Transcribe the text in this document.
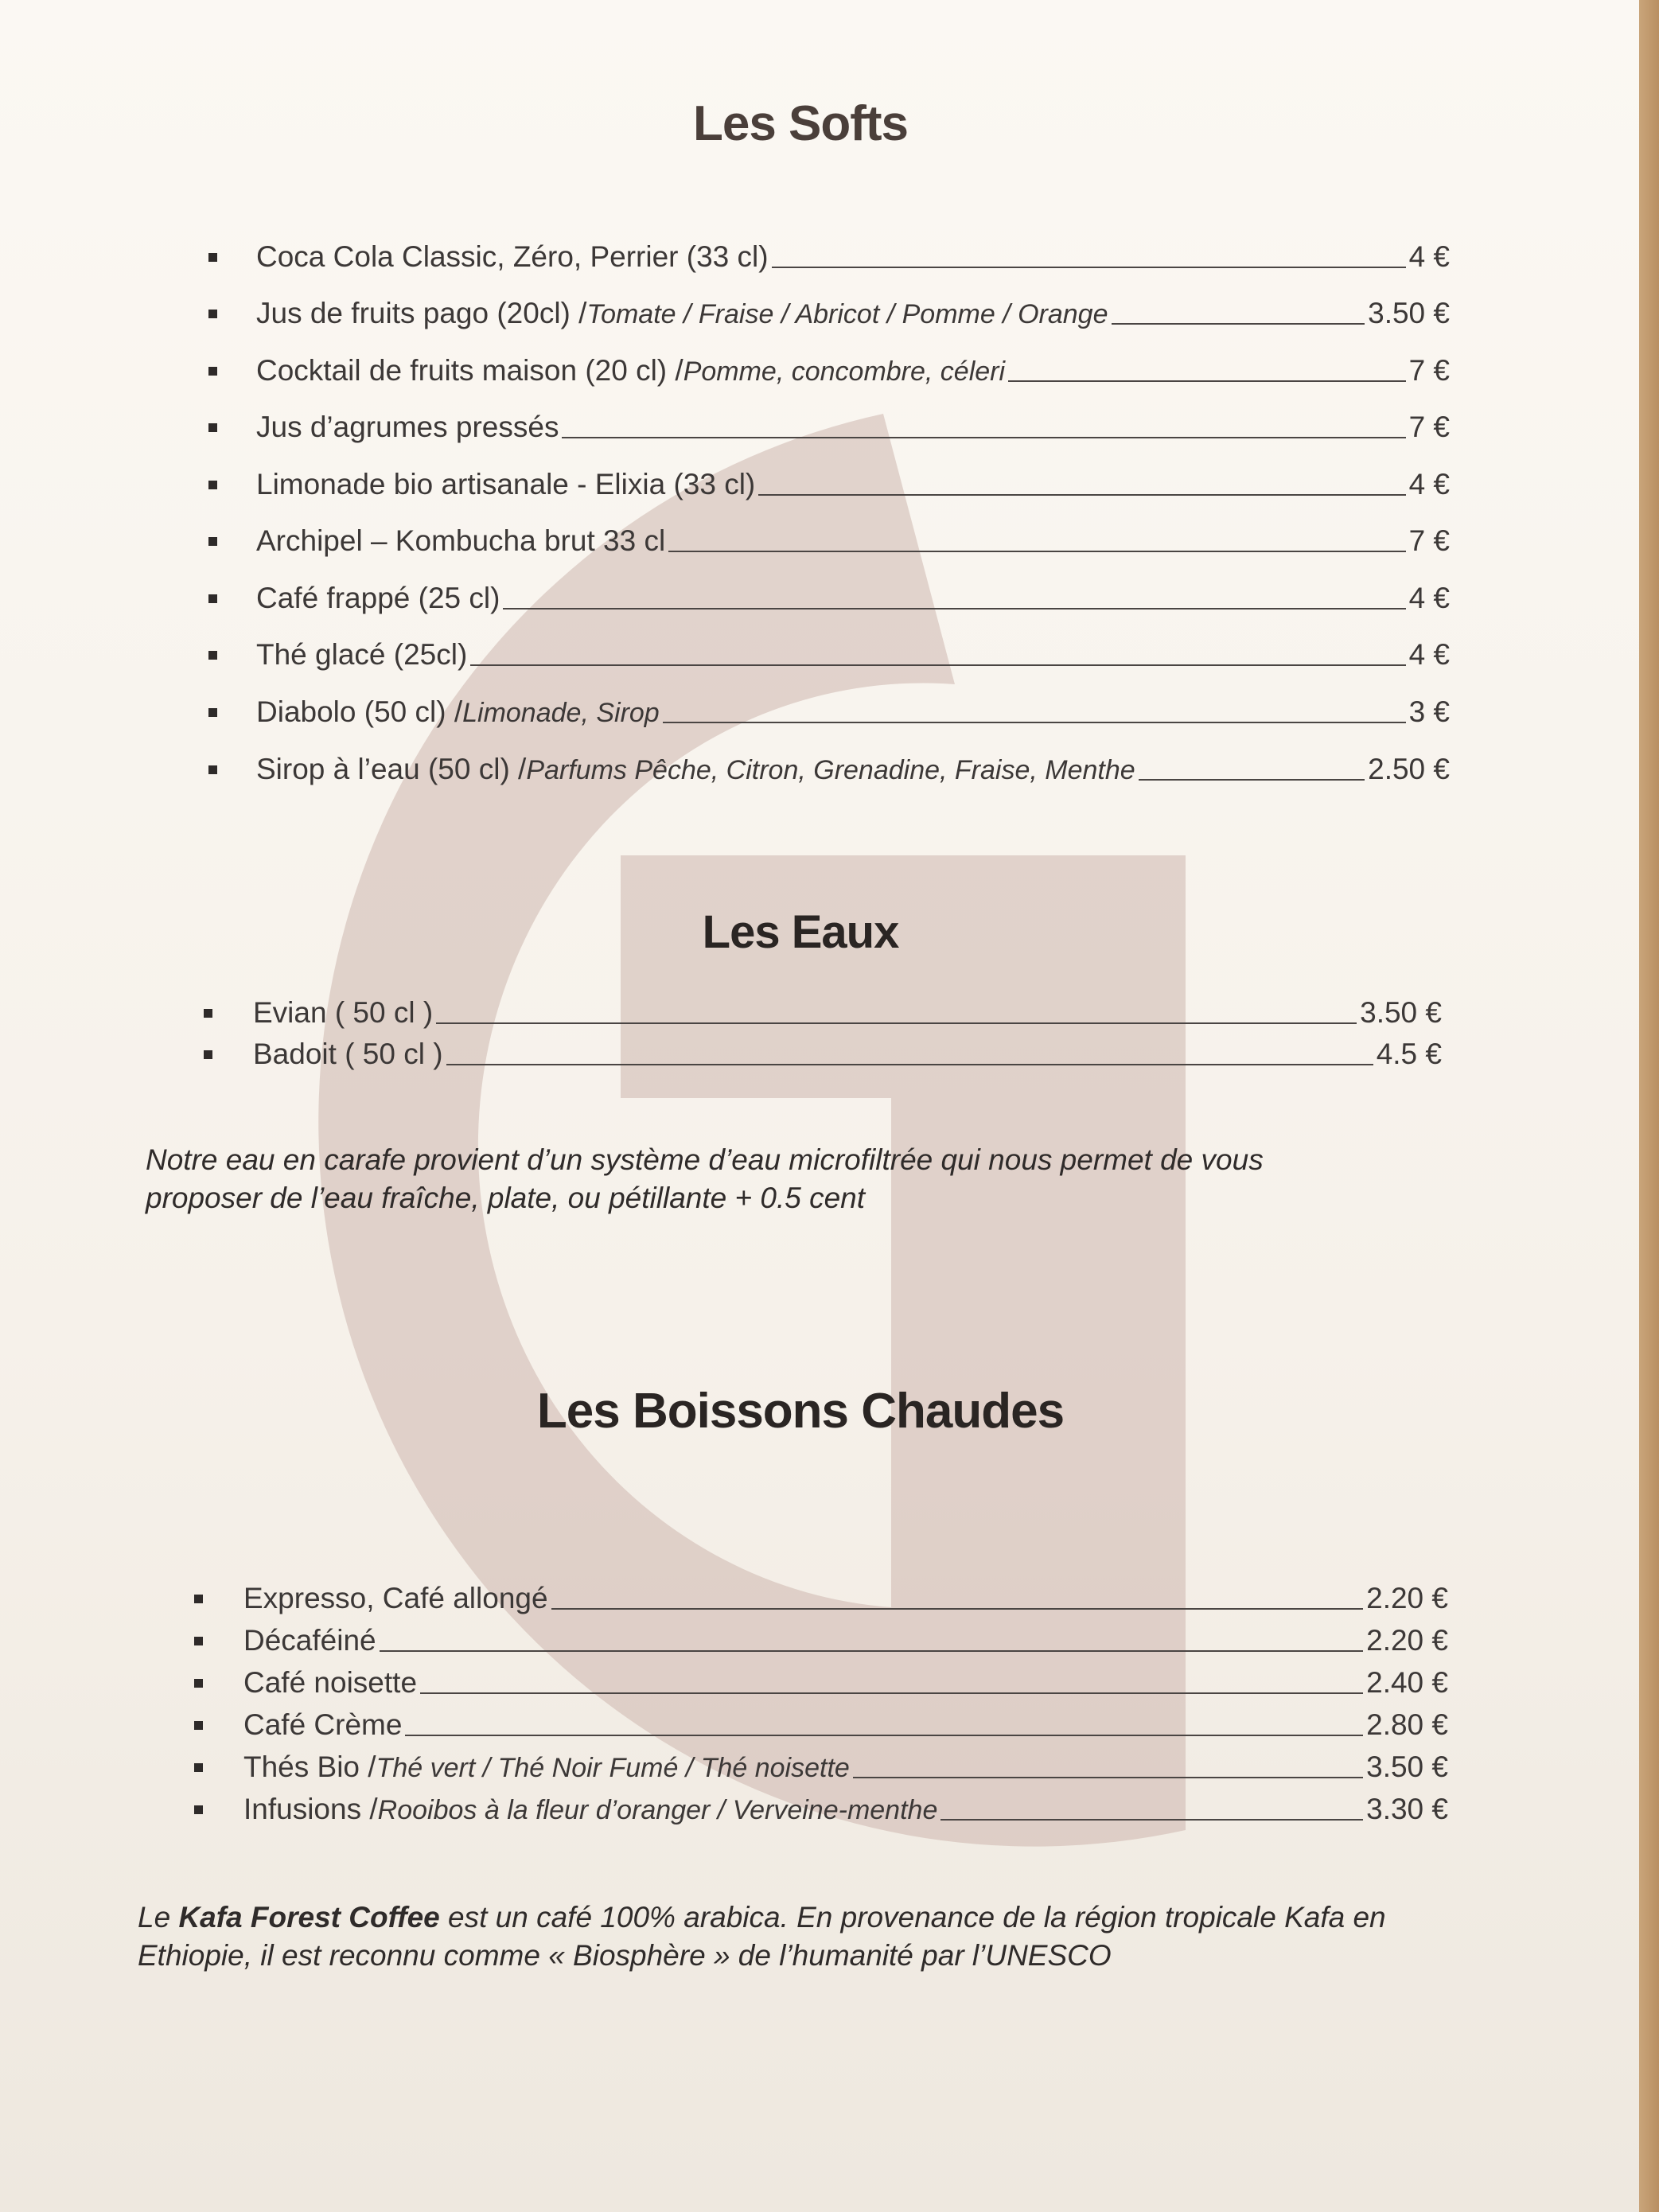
Les Softs
Coca Cola Classic, Zéro, Perrier (33 cl)	4 €
Jus de fruits pago (20cl) / Tomate / Fraise / Abricot / Pomme / Orange	3.50 €
Cocktail de fruits maison (20 cl) / Pomme, concombre, céleri	7 €
Jus d’agrumes pressés	7 €
Limonade bio artisanale - Elixia (33 cl)	4 €
Archipel – Kombucha brut 33 cl	7 €
Café frappé (25 cl)	4 €
Thé glacé (25cl)	4 €
Diabolo (50 cl) / Limonade, Sirop	3 €
Sirop à l’eau (50 cl) / Parfums Pêche, Citron, Grenadine, Fraise, Menthe	2.50 €
Les Eaux
Evian ( 50 cl )	3.50 €
Badoit ( 50 cl )	4.5 €
Notre eau en carafe provient d’un système d’eau microfiltrée qui nous permet de vous
proposer de l’eau fraîche, plate, ou pétillante + 0.5 cent
Les Boissons Chaudes
Expresso, Café allongé	2.20 €
Décaféiné	2.20 €
Café noisette	2.40 €
Café Crème	2.80 €
Thés Bio / Thé vert / Thé Noir Fumé / Thé noisette	3.50 €
Infusions / Rooibos à la fleur d’oranger / Verveine-menthe	3.30 €
Le Kafa Forest Coffee est un café 100% arabica. En provenance de la région tropicale Kafa en
Ethiopie, il est reconnu comme « Biosphère » de l’humanité par l’UNESCO
